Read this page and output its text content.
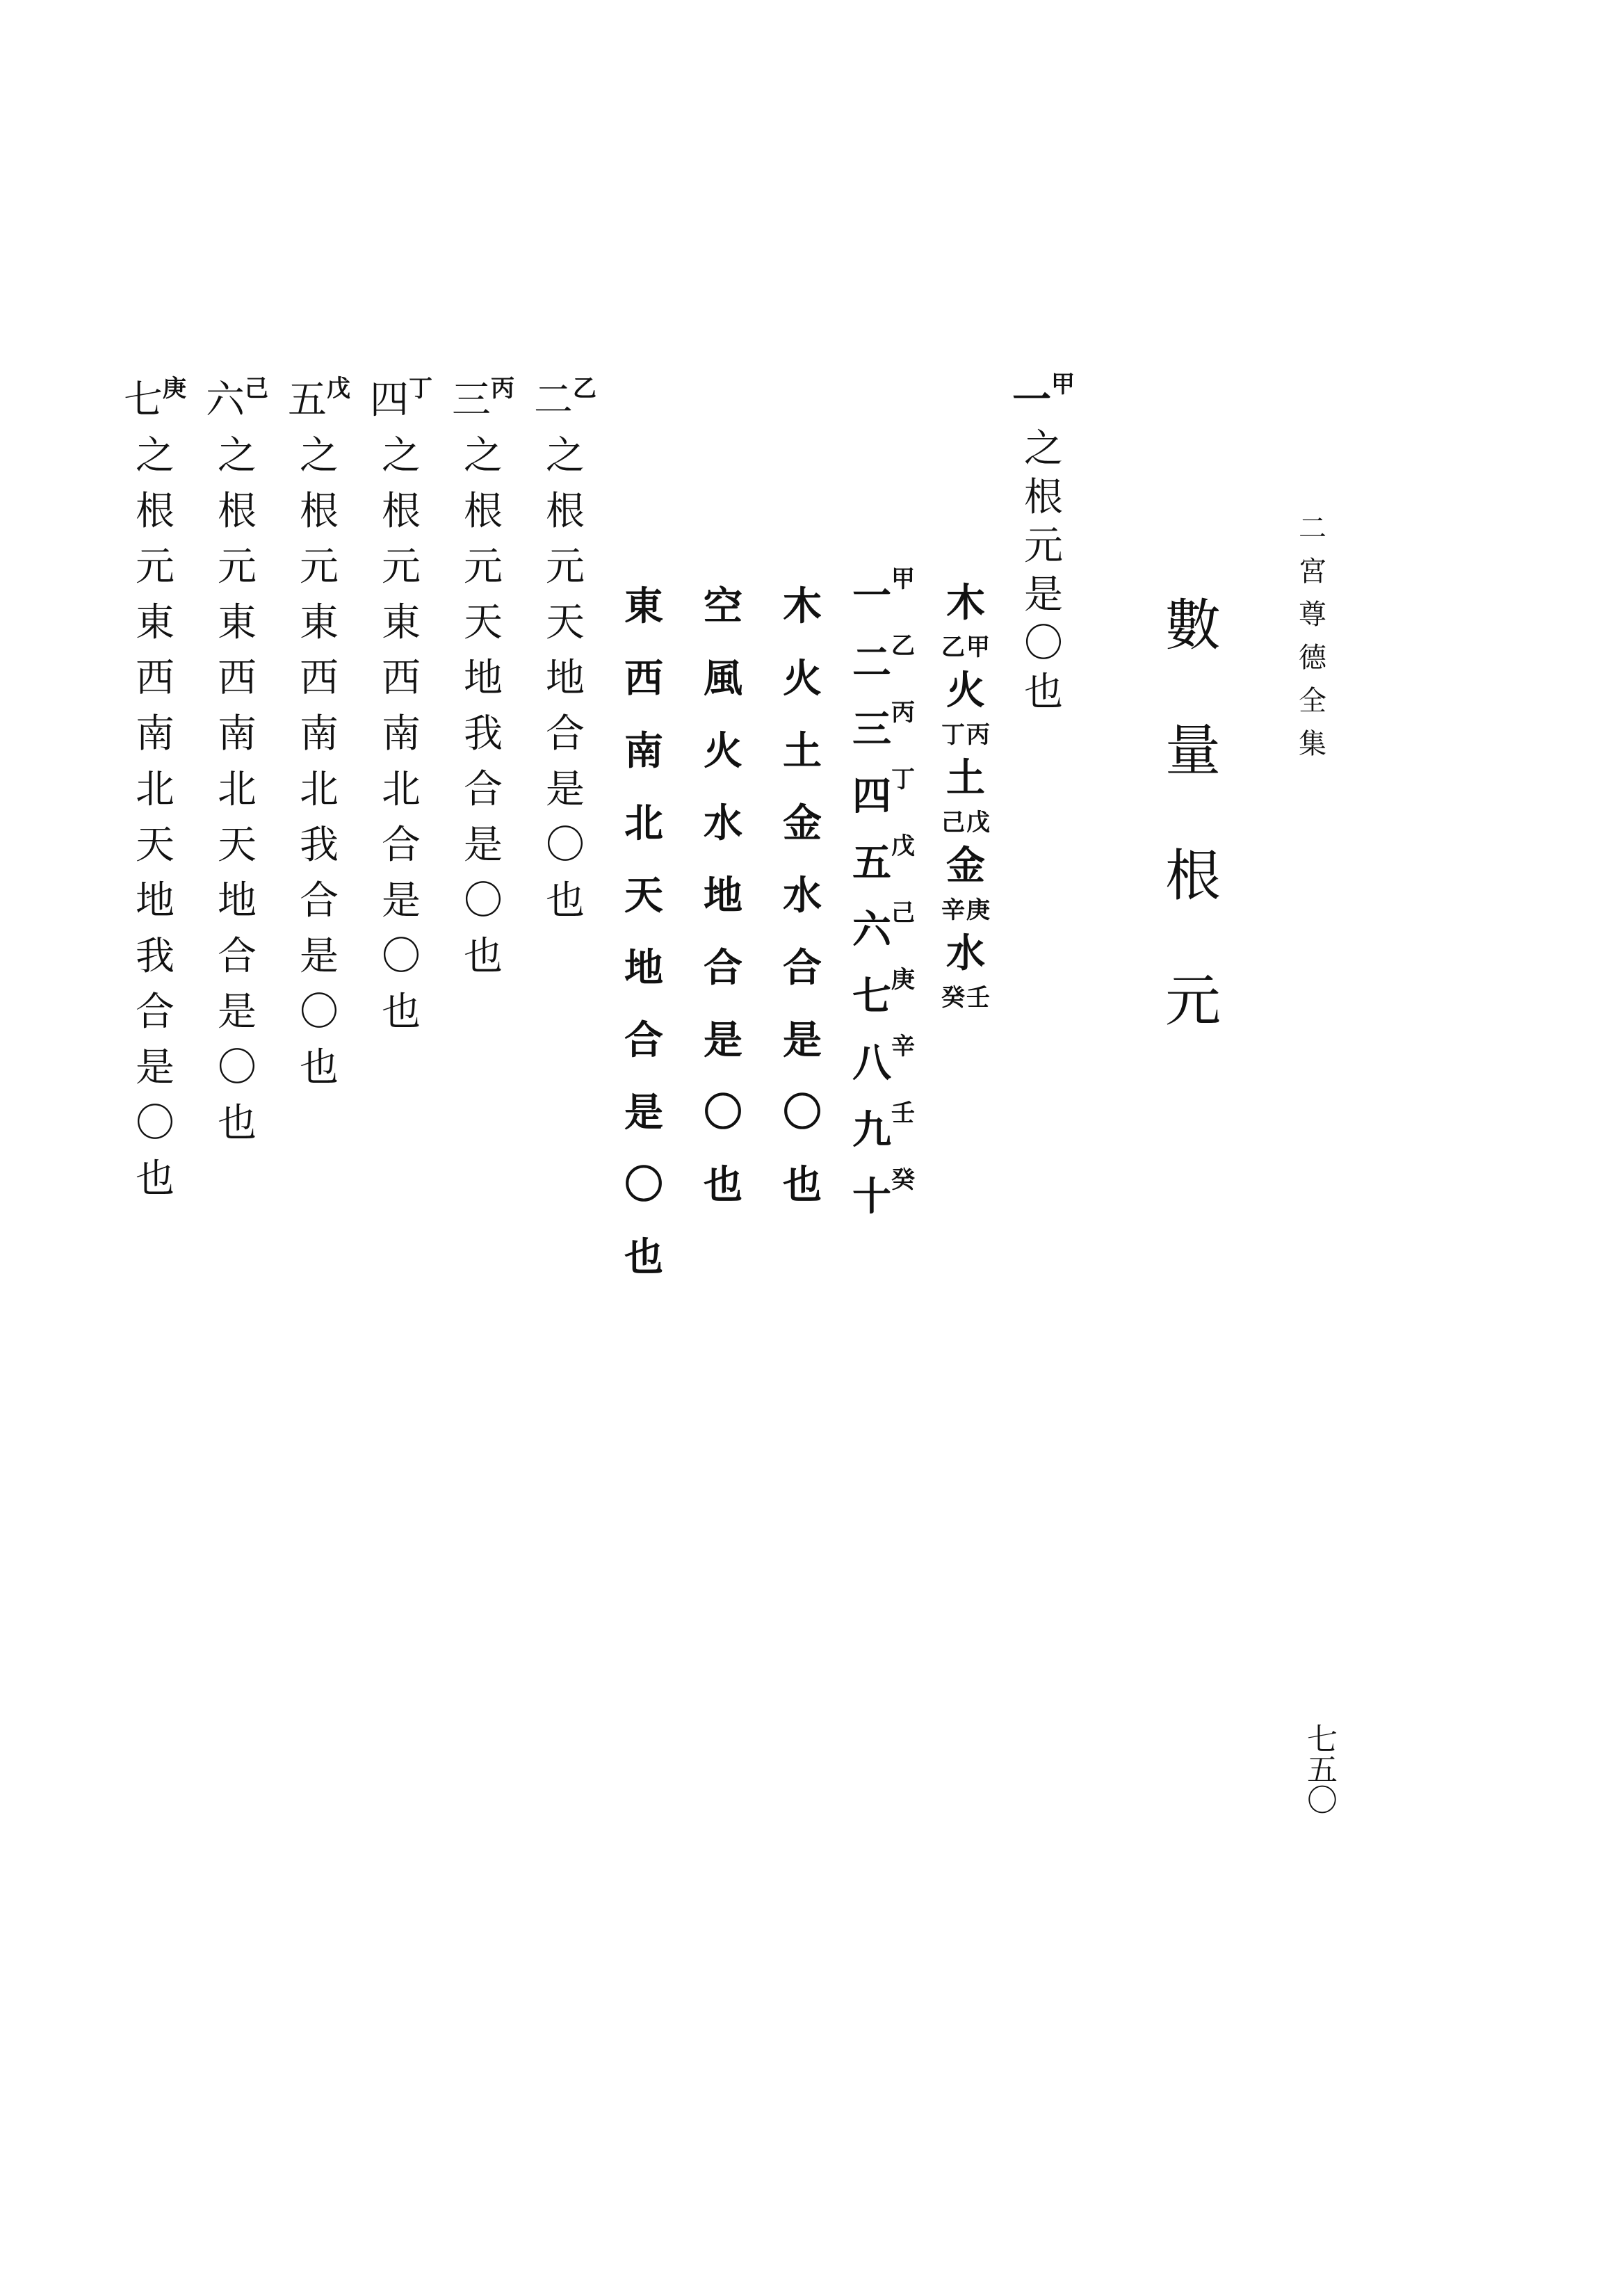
二
宮
尊
德
全
集
七
五
〇
數
量
根
元
木
乙 甲
火
丁 丙
土
己 戊
金
辛 庚
水
癸 壬
一 甲
二 乙
三 丙
四 丁
五 戊
六 己
七 庚
八 辛
九 壬
十 癸
木
火
土
金
水
合
是
〇
也
空
風
火
水
地
合
是
〇
也
東
西
南
北
天
地
合
是
〇
也
一 甲
之
根
元
是
〇
也
二 乙
之
根
元
天
地
合
是
〇
也
三 丙
之
根
元
天
地
我
合
是
〇
也
四 丁
之
根
元
東
西
南
北
合
是
〇
也
五 戊
之
根
元
東
西
南
北
我
合
是
〇
也
六 己
之
根
元
東
西
南
北
天
地
合
是
〇
也
七 庚
之
根
元
東
西
南
北
天
地
我
合
是
〇
也
